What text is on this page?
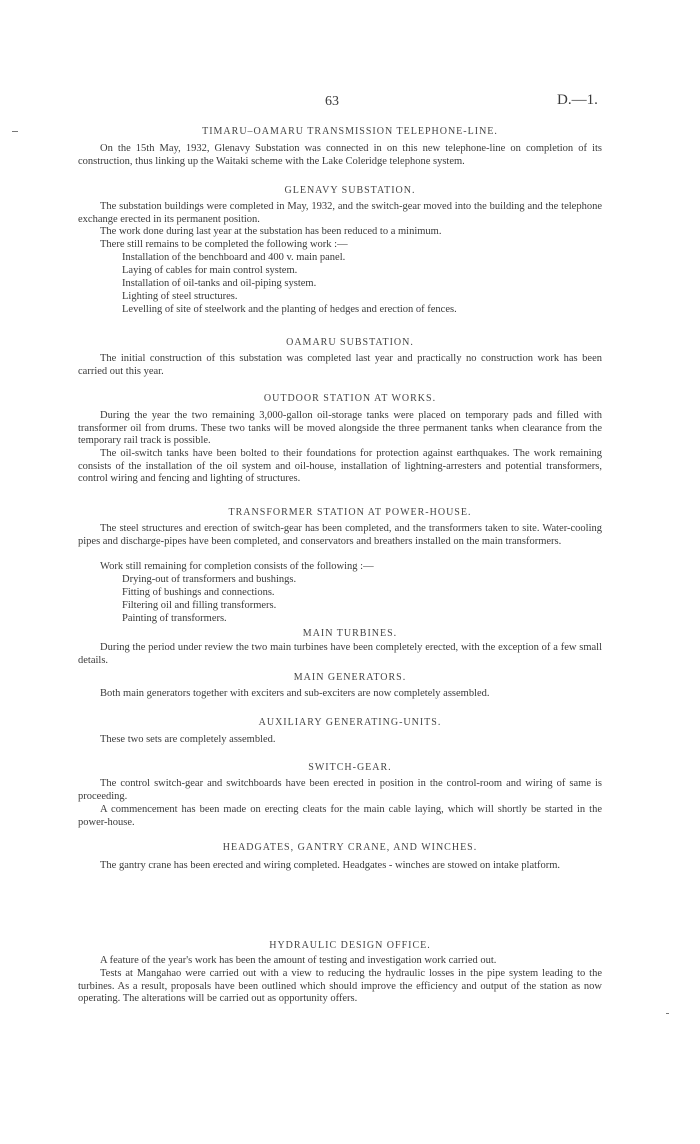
63	D.—1.
TIMARU–OAMARU TRANSMISSION TELEPHONE-LINE.

On the 15th May, 1932, Glenavy Substation was connected in on this new telephone-line on completion of its construction, thus linking up the Waitaki scheme with the Lake Coleridge telephone system.

GLENAVY SUBSTATION.

The substation buildings were completed in May, 1932, and the switch-gear moved into the building and the telephone exchange erected in its permanent position.

The work done during last year at the substation has been reduced to a minimum.

There still remains to be completed the following work :—

Installation of the benchboard and 400 v. main panel.
Laying of cables for main control system.
Installation of oil-tanks and oil-piping system.
Lighting of steel structures.
Levelling of site of steelwork and the planting of hedges and erection of fences.
OAMARU SUBSTATION.

The initial construction of this substation was completed last year and practically no construction work has been carried out this year.

OUTDOOR STATION AT WORKS.

During the year the two remaining 3,000-gallon oil-storage tanks were placed on temporary pads and filled with transformer oil from drums. These two tanks will be moved alongside the three permanent tanks when clearance from the temporary rail track is possible.

The oil-switch tanks have been bolted to their foundations for protection against earthquakes. The work remaining consists of the installation of the oil system and oil-house, installation of lightning-arresters and potential transformers, control wiring and fencing and lighting of structures.

TRANSFORMER STATION AT POWER-HOUSE.

The steel structures and erection of switch-gear has been completed, and the transformers taken to site. Water-cooling pipes and discharge-pipes have been completed, and conservators and breathers installed on the main transformers.

Work still remaining for completion consists of the following :—

Drying-out of transformers and bushings.
Fitting of bushings and connections.
Filtering oil and filling transformers.
Painting of transformers.
MAIN TURBINES.

During the period under review the two main turbines have been completely erected, with the exception of a few small details.

MAIN GENERATORS.

Both main generators together with exciters and sub-exciters are now completely assembled.

AUXILIARY GENERATING-UNITS.

These two sets are completely assembled.

SWITCH-GEAR.

The control switch-gear and switchboards have been erected in position in the control-room and wiring of same is proceeding.

A commencement has been made on erecting cleats for the main cable laying, which will shortly be started in the power-house.

HEADGATES, GANTRY CRANE, AND WINCHES.

The gantry crane has been erected and wiring completed. Headgates - winches are stowed on intake platform.

HYDRAULIC DESIGN OFFICE.

A feature of the year's work has been the amount of testing and investigation work carried out.

Tests at Mangahao were carried out with a view to reducing the hydraulic losses in the pipe system leading to the turbines. As a result, proposals have been outlined which should improve the efficiency and output of the station as now operating. The alterations will be carried out as opportunity offers.
